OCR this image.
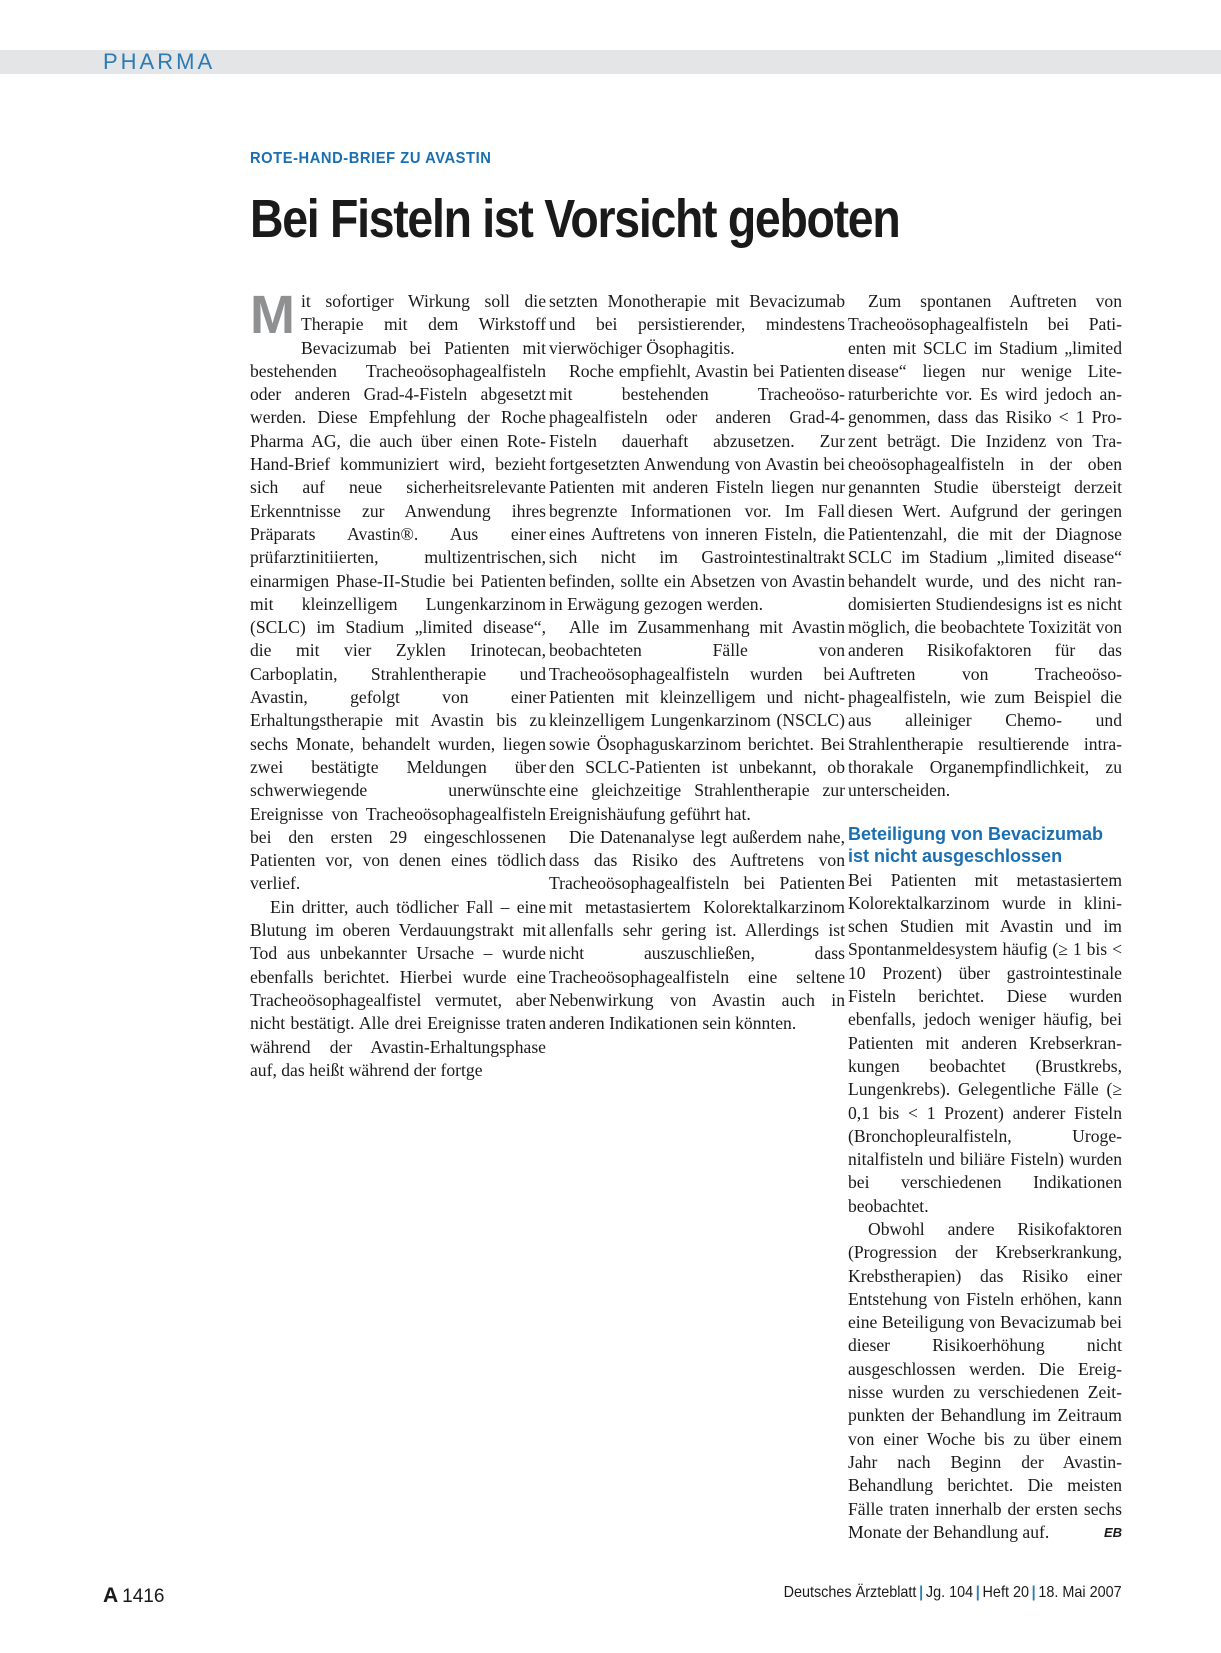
PHARMA
ROTE-HAND-BRIEF ZU AVASTIN
Bei Fisteln ist Vorsicht geboten

Mit sofortiger Wirkung soll die Therapie mit dem Wirkstoff Bevacizumab bei Patienten mit bestehenden Tracheoösophagealfisteln oder anderen Grad-4-Fisteln abgesetzt werden. Diese Empfehlung der Roche Pharma AG, die auch über einen Rote-Hand-Brief kommuniziert wird, bezieht sich auf neue sicherheitsrelevante Erkenntnisse zur Anwendung ihres Präparats Avastin®. Aus einer prüfarztinitiierten, multizentrischen, einarmigen Phase-II-Studie bei Patienten mit kleinzelligem Lungenkarzinom (SCLC) im Stadium „limited disease“, die mit vier Zyklen Irinotecan, Carboplatin, Strahlentherapie und Avastin, gefolgt von einer Erhaltungstherapie mit Avastin bis zu sechs Monate, behandelt wurden, liegen zwei bestätigte Meldungen über schwerwiegende unerwünschte Ereignisse von Tracheoösophagealfisteln bei den ersten 29 eingeschlossenen Patienten vor, von denen eines tödlich verlief.

Ein dritter, auch tödlicher Fall – eine Blutung im oberen Verdauungstrakt mit Tod aus unbekannter Ursache – wurde ebenfalls berichtet. Hierbei wurde eine Tracheoösophagealfistel vermutet, aber nicht bestätigt. Alle drei Ereignisse traten während der Avastin-Erhaltungsphase auf, das heißt während der fortge

setzten Monotherapie mit Bevacizumab und bei persistierender, mindestens vierwöchiger Ösophagitis.

Roche empfiehlt, Avastin bei Patienten mit bestehenden Tracheoösophagealfisteln oder anderen Grad-4-Fisteln dauerhaft abzusetzen. Zur fortgesetzten Anwendung von Avastin bei Patienten mit anderen Fisteln liegen nur begrenzte Informationen vor. Im Fall eines Auftretens von inneren Fisteln, die sich nicht im Gastrointestinaltrakt befinden, sollte ein Absetzen von Avastin in Erwägung gezogen werden.

Alle im Zusammenhang mit Avastin beobachteten Fälle von Tracheoösophagealfisteln wurden bei Patienten mit kleinzelligem und nicht-kleinzelligem Lungenkarzinom (NSCLC) sowie Ösophaguskarzinom berichtet. Bei den SCLC-Patienten ist unbekannt, ob eine gleichzeitige Strahlentherapie zur Ereignishäufung geführt hat.

Die Datenanalyse legt außerdem nahe, dass das Risiko des Auftretens von Tracheoösophagealfisteln bei Patienten mit metastasiertem Kolorektalkarzinom allenfalls sehr gering ist. Allerdings ist nicht auszuschließen, dass Tracheoösophagealfisteln eine seltene Nebenwirkung von Avastin auch in anderen Indikationen sein könnten.

Zum spontanen Auftreten von Tracheoösophagealfisteln bei Patienten mit SCLC im Stadium „limited disease“ liegen nur wenige Literaturberichte vor. Es wird jedoch angenommen, dass das Risiko < 1 Prozent beträgt. Die Inzidenz von Tracheoösophagealfisteln in der oben genannten Studie übersteigt derzeit diesen Wert. Aufgrund der geringen Patientenzahl, die mit der Diagnose SCLC im Stadium „limited disease“ behandelt wurde, und des nicht randomisierten Studiendesigns ist es nicht möglich, die beobachtete Toxizität von anderen Risikofaktoren für das Auftreten von Tracheoösophagealfisteln, wie zum Beispiel die aus alleiniger Chemo- und Strahlentherapie resultierende intrathorakale Organempfindlichkeit, zu unterscheiden.

Beteiligung von Bevacizumab
ist nicht ausgeschlossen

Bei Patienten mit metastasiertem Kolorektalkarzinom wurde in klinischen Studien mit Avastin und im Spontanmeldesystem häufig (≥ 1 bis < 10 Prozent) über gastrointestinale Fisteln berichtet. Diese wurden ebenfalls, jedoch weniger häufig, bei Patienten mit anderen Krebserkrankungen beobachtet (Brustkrebs, Lungenkrebs). Gelegentliche Fälle (≥ 0,1 bis < 1 Prozent) anderer Fisteln (Bronchopleuralfisteln, Urogenitalfisteln und biliäre Fisteln) wurden bei verschiedenen Indikationen beobachtet.

Obwohl andere Risikofaktoren (Progression der Krebserkrankung, Krebstherapien) das Risiko einer Entstehung von Fisteln erhöhen, kann eine Beteiligung von Bevacizumab bei dieser Risikoerhöhung nicht ausgeschlossen werden. Die Ereignisse wurden zu verschiedenen Zeitpunkten der Behandlung im Zeitraum von einer Woche bis zu über einem Jahr nach Beginn der Avastin-Behandlung berichtet. Die meisten Fälle traten innerhalb der ersten sechs Monate der Behandlung auf.	EB

A 1416	Deutsches Ärzteblatt | Jg. 104 | Heft 20 | 18. Mai 2007
